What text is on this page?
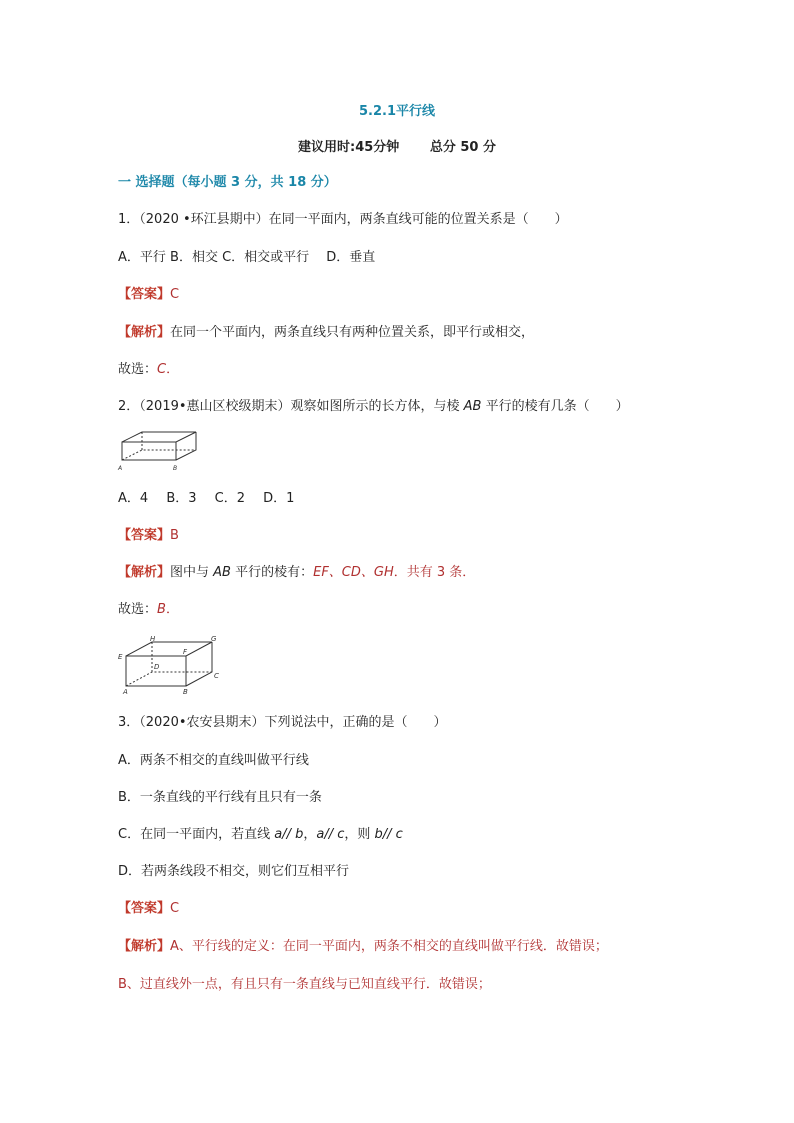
5.2.1平行线
建议用时:45分钟 总分 50 分
一 选择题（每小题 3 分，共 18 分）
1．（2020 •环江县期中）在同一平面内，两条直线可能的位置关系是（　　）
A．平行 B．相交 C．相交或平行　 D．垂直
【答案】C
【解析】在同一个平面内，两条直线只有两种位置关系，即平行或相交，
故选：C．
2．（2019•惠山区校级期末）观察如图所示的长方体，与棱 AB 平行的棱有几条（　　）
A	B
A．4 B．3 C．2 D．1
【答案】B
【解析】图中与 AB 平行的棱有：EF、CD、GH．共有 3 条．
故选：B．
H	G
E
F
D
C
A	B
3．（2020•农安县期末）下列说法中，正确的是（　　）
A．两条不相交的直线叫做平行线
B．一条直线的平行线有且只有一条
C．在同一平面内，若直线 a// b，a// c，则 b// c
D．若两条线段不相交，则它们互相平行
【答案】C
【解析】A、平行线的定义：在同一平面内，两条不相交的直线叫做平行线．故错误；
B、过直线外一点，有且只有一条直线与已知直线平行．故错误；
